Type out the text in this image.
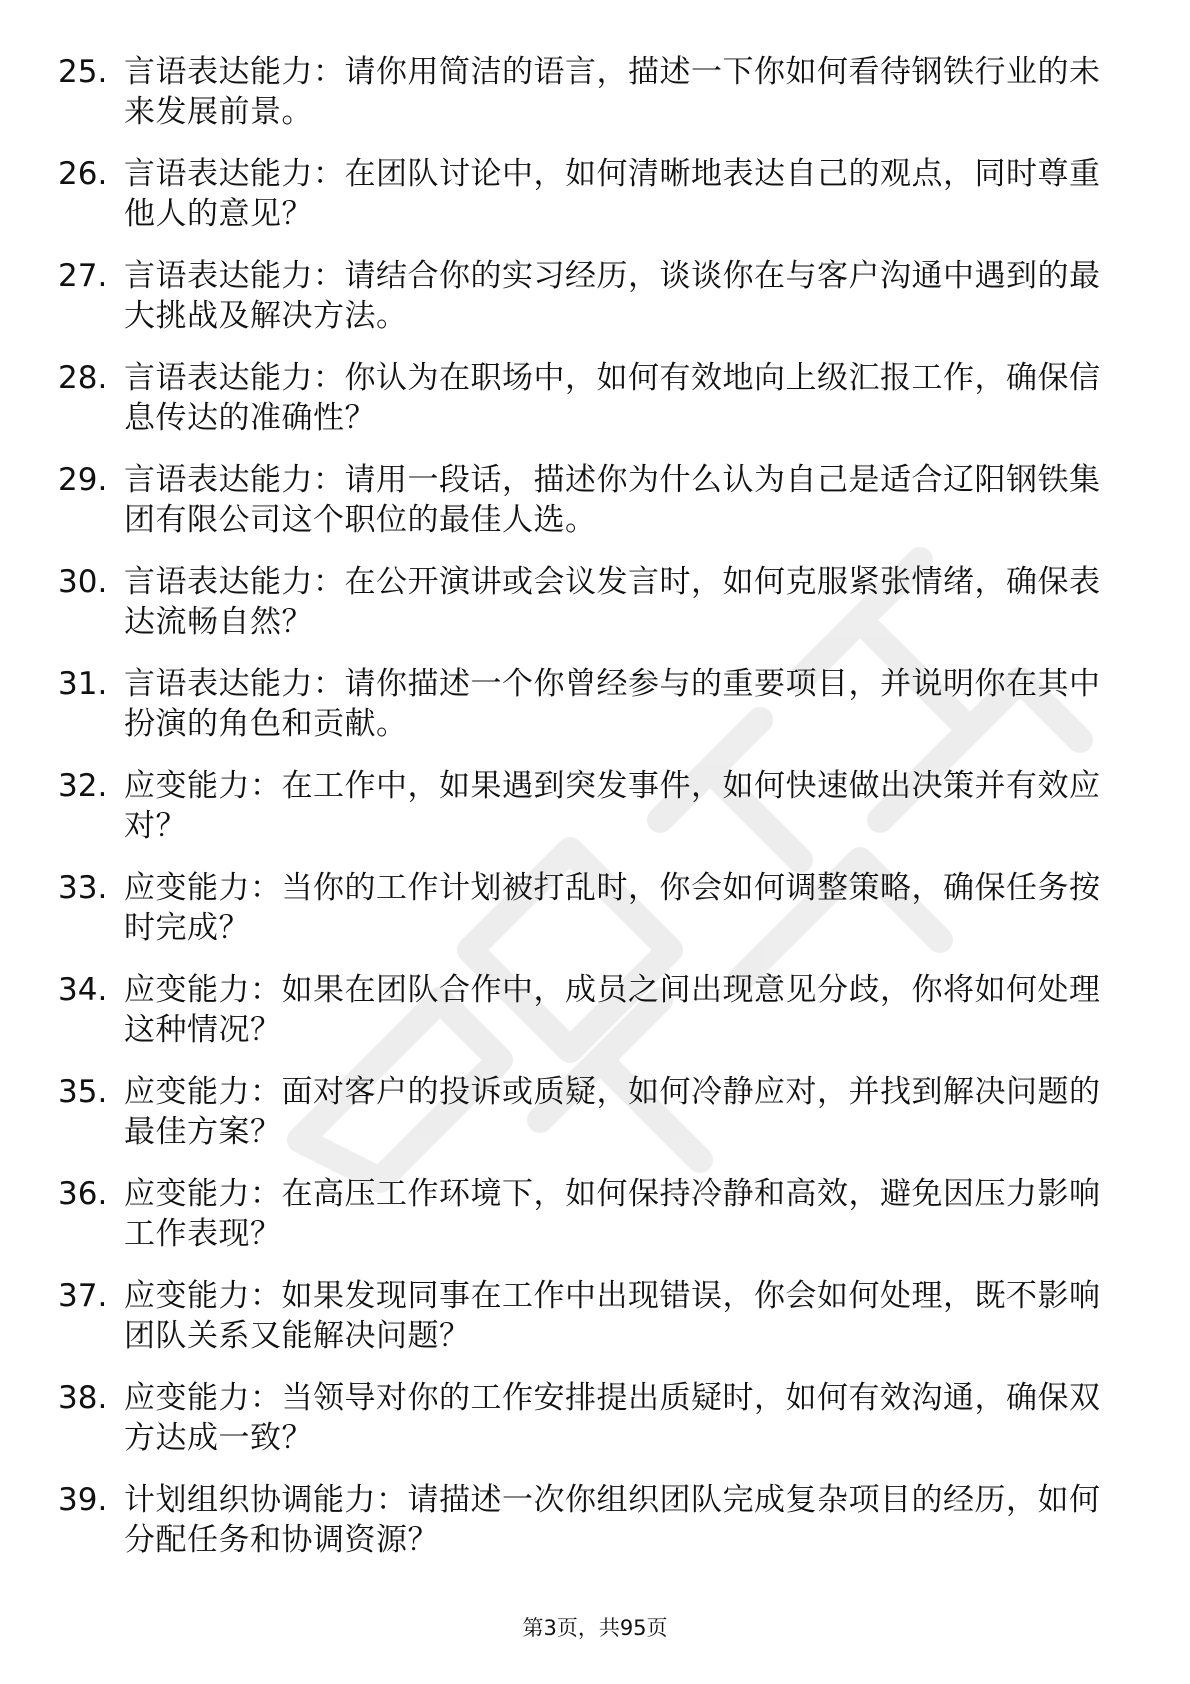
25. 言语表达能力：请你用简洁的语言，描述一下你如何看待钢铁行业的未来发展前景。
26. 言语表达能力：在团队讨论中，如何清晰地表达自己的观点，同时尊重他人的意见？
27. 言语表达能力：请结合你的实习经历，谈谈你在与客户沟通中遇到的最大挑战及解决方法。
28. 言语表达能力：你认为在职场中，如何有效地向上级汇报工作，确保信息传达的准确性？
29. 言语表达能力：请用一段话，描述你为什么认为自己是适合辽阳钢铁集团有限公司这个职位的最佳人选。
30. 言语表达能力：在公开演讲或会议发言时，如何克服紧张情绪，确保表达流畅自然？
31. 言语表达能力：请你描述一个你曾经参与的重要项目，并说明你在其中扮演的角色和贡献。
32. 应变能力：在工作中，如果遇到突发事件，如何快速做出决策并有效应对？
33. 应变能力：当你的工作计划被打乱时，你会如何调整策略，确保任务按时完成？
34. 应变能力：如果在团队合作中，成员之间出现意见分歧，你将如何处理这种情况？
35. 应变能力：面对客户的投诉或质疑，如何冷静应对，并找到解决问题的最佳方案？
36. 应变能力：在高压工作环境下，如何保持冷静和高效，避免因压力影响工作表现？
37. 应变能力：如果发现同事在工作中出现错误，你会如何处理，既不影响团队关系又能解决问题？
38. 应变能力：当领导对你的工作安排提出质疑时，如何有效沟通，确保双方达成一致？
39. 计划组织协调能力：请描述一次你组织团队完成复杂项目的经历，如何分配任务和协调资源？
第3页，共95页
